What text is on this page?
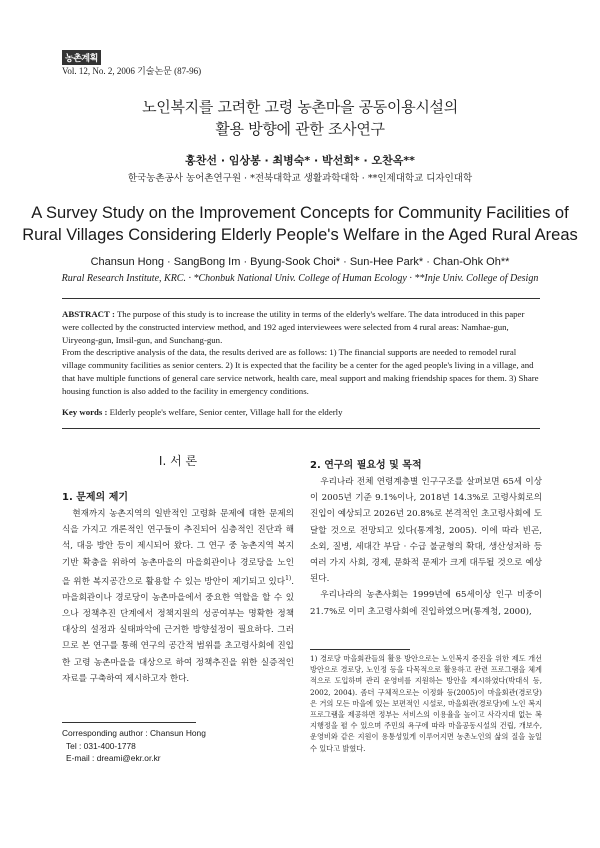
농촌계획
Vol. 12, No. 2, 2006 기술논문 (87-96)
노인복지를 고려한 고령 농촌마을 공동이용시설의
활용 방향에 관한 조사연구
홍찬선 · 임상봉 · 최병숙* · 박선희* · 오찬옥**
한국농촌공사 농어촌연구원 · *전북대학교 생활과학대학 · **인제대학교 디자인대학
A Survey Study on the Improvement Concepts for Community Facilities of
Rural Villages Considering Elderly People's Welfare in the Aged Rural Areas
Chansun Hong · SangBong Im · Byung-Sook Choi* · Sun-Hee Park* · Chan-Ohk Oh**
Rural Research Institute, KRC. · *Chonbuk National Univ. College of Human Ecology · **Inje Univ. College of Design

ABSTRACT : The purpose of this study is to increase the utility in terms of the elderly's welfare. The data introduced in this paper were collected by the constructed interview method, and 192 aged interviewees were selected from 4 rural areas: Namhae-gun, Uiryeong-gun, Imsil-gun, and Sunchang-gun.

From the descriptive analysis of the data, the results derived are as follows: 1) The financial supports are needed to remodel rural village community facilities as senior centers. 2) It is expected that the facility be a center for the aged people's living in a village, and that have multiple functions of general care service network, health care, meal support and making friendship spaces for them. 3) Share housing function is also added to the facility in emergency conditions.

Key words : Elderly people's welfare, Senior center, Village hall for the elderly
I. 서 론
1. 문제의 제기

현재까지 농촌지역의 일반적인 고령화 문제에 대한 문제의식을 가지고 개론적인 연구들이 추진되어 심층적인 진단과 해석, 대응 방안 등이 제시되어 왔다. 그 연구 중 농촌지역 복지기반 확충을 위하여 농촌마을의 마을회관이나 경로당을 노인을 위한 복지공간으로 활용할 수 있는 방안이 제기되고 있다$^{1)}$. 마을회관이나 경로당이 농촌마을에서 중요한 역할을 할 수 있으나 정책추진 단계에서 정책지원의 성공여부는 명확한 정책대상의 설정과 실태파악에 근거한 방향설정이 필요하다. 그러므로 본 연구를 통해 연구의 공간적 범위를 초고령사회에 진입한 고령 농촌마을을 대상으로 하여 정책추진을 위한 실증적인 자료를 구축하여 제시하고자 한다.

Corresponding author : Chansun Hong
Tel : 031-400-1778
E-mail : dreami@ekr.or.kr
2. 연구의 필요성 및 목적

우리나라 전체 연령계층별 인구구조를 살펴보면 65세 이상이 2005년 기준 9.1%이나, 2018년 14.3%로 고령사회로의 진입이 예상되고 2026년 20.8%로 본격적인 초고령사회에 도달할 것으로 전망되고 있다(통계청, 2005). 이에 따라 빈곤, 소외, 질병, 세대간 부담 · 수급 불균형의 확대, 생산성저하 등 여러 가지 사회, 경제, 문화적 문제가 크게 대두될 것으로 예상된다.

우리나라의 농촌사회는 1999년에 65세이상 인구 비중이 21.7%로 이미 초고령사회에 진입하였으며(통계청, 2000),

1) 경로당 마을회관들의 활용 방안으로는 노인복지 증진을 위한 제도 개선방안으로 경로당, 노인정 등을 다목적으로 활용하고 관련 프로그램을 체계적으로 도입하며 관리 운영비를 지원하는 방안을 제시하였다(박대식 등, 2002, 2004). 좀더 구체적으로는 이정화 등(2005)이 마을회관(경로당)은 거의 모든 마을에 있는 보편적인 시설로, 마을회관(경로당)에 노인 복지 프로그램을 제공하면 정부는 서비스의 이용율을 높이고 사각지대 없는 복지행정을 펼 수 있으며 주민의 욕구에 따라 마을공동시설의 건립, 개보수, 운영비와 같은 지원이 용통성있게 이루어지면 농촌노인의 삶의 질을 높일 수 있다고 밝혔다.
